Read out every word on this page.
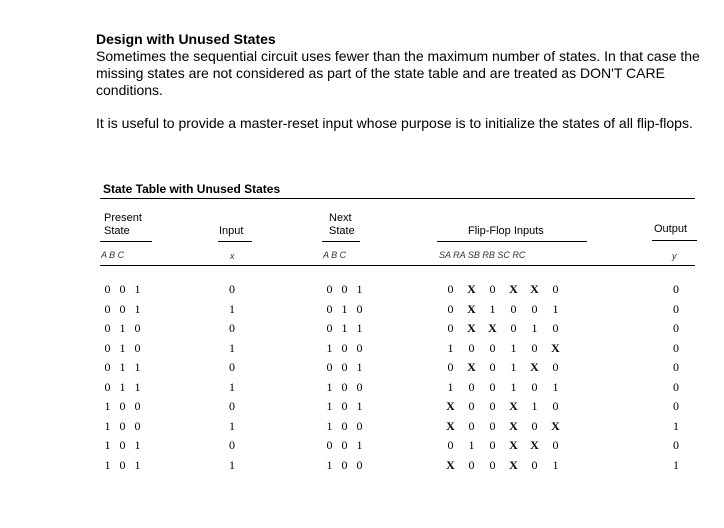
Design with Unused States
Sometimes the sequential circuit uses fewer than the maximum number of states. In that case the missing states are not considered as part of the state table and are treated as DON'T CARE conditions.
It is useful to provide a master-reset input whose purpose is to initialize the states of all flip-flops.
State Table with Unused States
Present
State	Input
Next
State	Flip-Flop Inputs	Output
A B C	x	A B C	SA RA SB RB SC RC	y
0 0 1	0	0 0 1	0 X 0 X X 0	0
0 0 1	1	0 1 0	0 X 1 0 0 1	0
0 1 0	0	0 1 1	0 X X 0 1 0	0
0 1 0	1	1 0 0	1 0 0 1 0 X	0
0 1 1	0	0 0 1	0 X 0 1 X 0	0
0 1 1	1	1 0 0	1 0 0 1 0 1	0
1 0 0	0	1 0 1	X 0 0 X 1 0	0
1 0 0	1	1 0 0	X 0 0 X 0 X	1
1 0 1	0	0 0 1	0 1 0 X X 0	0
1 0 1	1	1 0 0	X 0 0 X 0 1	1
